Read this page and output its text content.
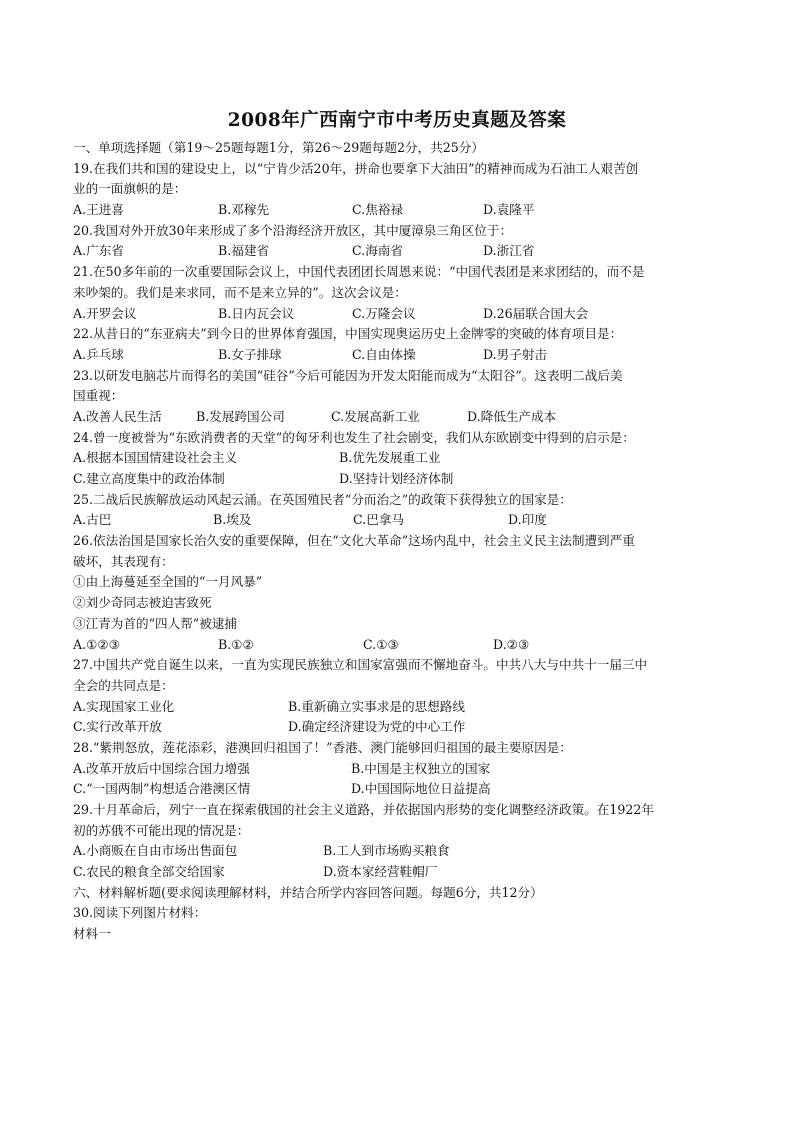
2008年广西南宁市中考历史真题及答案
一、单项选择题（第19～25题每题1分，第26～29题每题2分，共25分）
19.在我们共和国的建设史上，以“宁肯少活20年，拼命也要拿下大油田”的精神而成为石油工人艰苦创
业的一面旗帜的是：
A.王进喜	B.邓稼先	C.焦裕禄	D.袁隆平
20.我国对外开放30年来形成了多个沿海经济开放区，其中厦漳泉三角区位于：
A.广东省	B.福建省	C.海南省	D.浙江省
21.在50多年前的一次重要国际会议上，中国代表团团长周恩来说：“中国代表团是来求团结的，而不是
来吵架的。我们是来求同，而不是来立异的”。这次会议是：
A.开罗会议	B.日内瓦会议	C.万隆会议	D.26届联合国大会
22.从昔日的“东亚病夫”到今日的世界体育强国，中国实现奥运历史上金牌零的突破的体育项目是：
A.乒乓球	B.女子排球	C.自由体操	D.男子射击
23.以研发电脑芯片而得名的美国“硅谷”今后可能因为开发太阳能而成为“太阳谷”。这表明二战后美
国重视：
A.改善人民生活	B.发展跨国公司	C.发展高新工业	D.降低生产成本
24.曾一度被誉为“东欧消费者的天堂”的匈牙利也发生了社会剧变，我们从东欧剧变中得到的启示是：
A.根据本国国情建设社会主义	B.优先发展重工业
C.建立高度集中的政治体制	D.坚持计划经济体制
25.二战后民族解放运动风起云涌。在英国殖民者“分而治之”的政策下获得独立的国家是：
A.古巴	B.埃及	C.巴拿马	D.印度
26.依法治国是国家长治久安的重要保障，但在“文化大革命”这场内乱中，社会主义民主法制遭到严重
破坏，其表现有：
①由上海蔓延至全国的“一月风暴”
②刘少奇同志被迫害致死
③江青为首的“四人帮”被逮捕
A.①②③	B.①②	C.①③	D.②③
27.中国共产党自诞生以来，一直为实现民族独立和国家富强而不懈地奋斗。中共八大与中共十一届三中
全会的共同点是：
A.实现国家工业化	B.重新确立实事求是的思想路线
C.实行改革开放	D.确定经济建设为党的中心工作
28.“紫荆怒放，莲花添彩，港澳回归祖国了！”香港、澳门能够回归祖国的最主要原因是：
A.改革开放后中国综合国力增强	B.中国是主权独立的国家
C.“一国两制”构想适合港澳区情	D.中国国际地位日益提高
29.十月革命后，列宁一直在探索俄国的社会主义道路，并依据国内形势的变化调整经济政策。在1922年
初的苏俄不可能出现的情况是：
A.小商贩在自由市场出售面包	B.工人到市场购买粮食
C.农民的粮食全部交给国家	D.资本家经营鞋帽厂
六、材料解析题(要求阅读理解材料，并结合所学内容回答问题。每题6分，共12分）
30.阅读下列图片材料：
材料一
